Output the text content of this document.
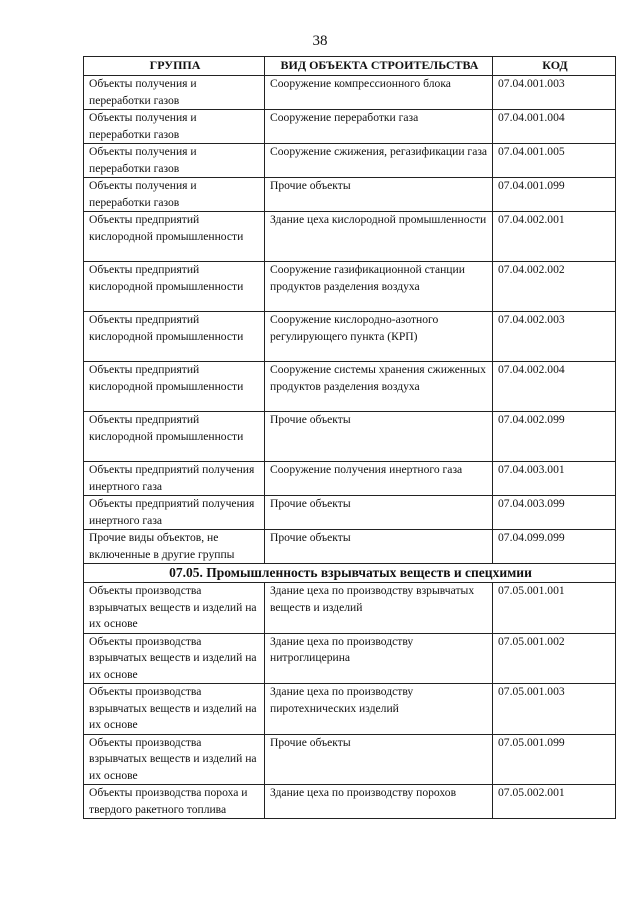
38
ГРУППА	ВИД ОБЪЕКТА СТРОИТЕЛЬСТВА	КОД
Объекты получения и переработки газов	Сооружение компрессионного блока	07.04.001.003
Объекты получения и переработки газов	Сооружение переработки газа	07.04.001.004
Объекты получения и переработки газов	Сооружение сжижения, регазификации газа	07.04.001.005
Объекты получения и переработки газов	Прочие объекты	07.04.001.099
Объекты предприятий кислородной промышленности	Здание цеха кислородной промышленности	07.04.002.001
Объекты предприятий кислородной промышленности	Сооружение газификационной станции продуктов разделения воздуха	07.04.002.002
Объекты предприятий кислородной промышленности	Сооружение кислородно-азотного регулирующего пункта (КРП)	07.04.002.003
Объекты предприятий кислородной промышленности	Сооружение системы хранения сжиженных продуктов разделения воздуха	07.04.002.004
Объекты предприятий кислородной промышленности	Прочие объекты	07.04.002.099
Объекты предприятий получения инертного газа	Сооружение получения инертного газа	07.04.003.001
Объекты предприятий получения инертного газа	Прочие объекты	07.04.003.099
Прочие виды объектов, не включенные в другие группы	Прочие объекты	07.04.099.099
07.05. Промышленность взрывчатых веществ и спецхимии		
Объекты производства взрывчатых веществ и изделий на их основе	Здание цеха по производству взрывчатых веществ и изделий	07.05.001.001
Объекты производства взрывчатых веществ и изделий на их основе	Здание цеха по производству нитроглицерина	07.05.001.002
Объекты производства взрывчатых веществ и изделий на их основе	Здание цеха по производству пиротехнических изделий	07.05.001.003
Объекты производства взрывчатых веществ и изделий на их основе	Прочие объекты	07.05.001.099
Объекты производства пороха и твердого ракетного топлива	Здание цеха по производству порохов	07.05.002.001
